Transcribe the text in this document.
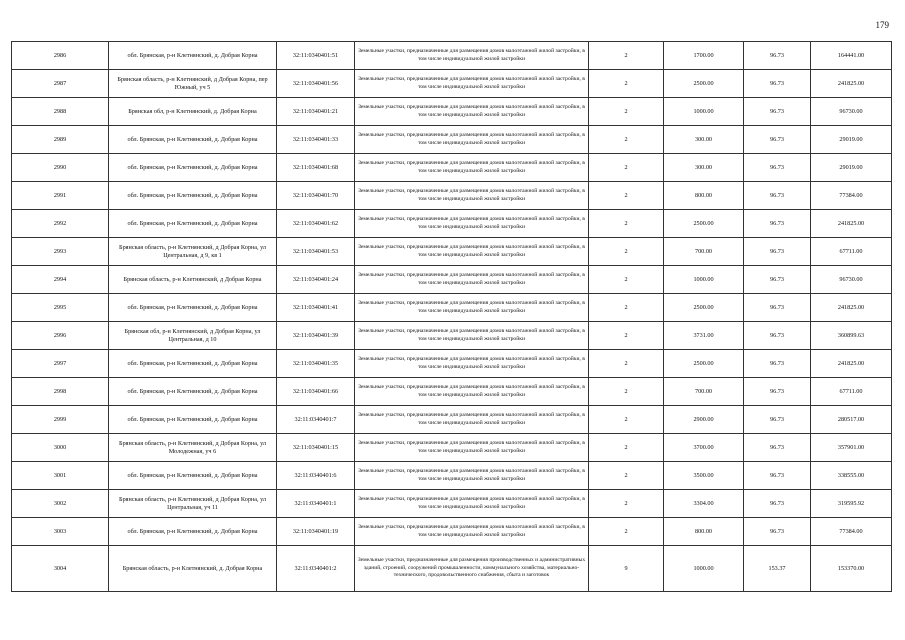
179
2986	обл. Брянская, р-н Клетнянский, д. Добрая Корна	32:11:0340401:51	Земельные участки, предназначенные для размещения домов малоэтажной жилой застройки, в том числе индивидуальной жилой застройки	2	1700.00	96.73	164441.00
2987	Брянская область, р-н Клетнянский, д Добрая Корна, пер Южный, уч 5	32:11:0340401:56	Земельные участки, предназначенные для размещения домов малоэтажной жилой застройки, в том числе индивидуальной жилой застройки	2	2500.00	96.73	241825.00
2988	Брянская обл, р-н Клетнянский, д. Добрая Корна	32:11:0340401:21	Земельные участки, предназначенные для размещения домов малоэтажной жилой застройки, в том числе индивидуальной жилой застройки	2	1000.00	96.73	96730.00
2989	обл. Брянская, р-н Клетнянский, д. Добрая Корна	32:11:0340401:33	Земельные участки, предназначенные для размещения домов малоэтажной жилой застройки, в том числе индивидуальной жилой застройки	2	300.00	96.73	29019.00
2990	обл. Брянская, р-н Клетнянский, д. Добрая Корна	32:11:0340401:68	Земельные участки, предназначенные для размещения домов малоэтажной жилой застройки, в том числе индивидуальной жилой застройки	2	300.00	96.73	29019.00
2991	обл. Брянская, р-н Клетнянский, д. Добрая Корна	32:11:0340401:70	Земельные участки, предназначенные для размещения домов малоэтажной жилой застройки, в том числе индивидуальной жилой застройки	2	800.00	96.73	77384.00
2992	обл. Брянская, р-н Клетнянский, д. Добрая Корна	32:11:0340401:62	Земельные участки, предназначенные для размещения домов малоэтажной жилой застройки, в том числе индивидуальной жилой застройки	2	2500.00	96.73	241825.00
2993	Брянская область, р-н Клетнянский, д Добрая Корна, ул Центральная, д 9, кв 1	32:11:0340401:53	Земельные участки, предназначенные для размещения домов малоэтажной жилой застройки, в том числе индивидуальной жилой застройки	2	700.00	96.73	67711.00
2994	Брянская область, р-н Клетнянский, д Добрая Корна	32:11:0340401:24	Земельные участки, предназначенные для размещения домов малоэтажной жилой застройки, в том числе индивидуальной жилой застройки	2	1000.00	96.73	96730.00
2995	обл. Брянская, р-н Клетнянский, д. Добрая Корна	32:11:0340401:41	Земельные участки, предназначенные для размещения домов малоэтажной жилой застройки, в том числе индивидуальной жилой застройки	2	2500.00	96.73	241825.00
2996	Брянская обл, р-н Клетнянский, д Добрая Корна, ул Центральная, д 10	32:11:0340401:39	Земельные участки, предназначенные для размещения домов малоэтажной жилой застройки, в том числе индивидуальной жилой застройки	2	3731.00	96.73	360899.63
2997	обл. Брянская, р-н Клетнянский, д. Добрая Корна	32:11:0340401:35	Земельные участки, предназначенные для размещения домов малоэтажной жилой застройки, в том числе индивидуальной жилой застройки	2	2500.00	96.73	241825.00
2998	обл. Брянская, р-н Клетнянский, д. Добрая Корна	32:11:0340401:66	Земельные участки, предназначенные для размещения домов малоэтажной жилой застройки, в том числе индивидуальной жилой застройки	2	700.00	96.73	67711.00
2999	обл. Брянская, р-н Клетнянский, д. Добрая Корна	32:11:0340401:7	Земельные участки, предназначенные для размещения домов малоэтажной жилой застройки, в том числе индивидуальной жилой застройки	2	2900.00	96.73	280517.00
3000	Брянская область, р-н Клетнянский, д Добрая Корна, ул Молодежная, уч 6	32:11:0340401:15	Земельные участки, предназначенные для размещения домов малоэтажной жилой застройки, в том числе индивидуальной жилой застройки	2	3700.00	96.73	357901.00
3001	обл. Брянская, р-н Клетнянский, д. Добрая Корна	32:11:0340401:6	Земельные участки, предназначенные для размещения домов малоэтажной жилой застройки, в том числе индивидуальной жилой застройки	2	3500.00	96.73	338555.00
3002	Брянская область, р-н Клетнянский, д Добрая Корна, ул Центральная, уч 11	32:11:0340401:1	Земельные участки, предназначенные для размещения домов малоэтажной жилой застройки, в том числе индивидуальной жилой застройки	2	3304.00	96.73	319595.92
3003	обл. Брянская, р-н Клетнянский, д. Добрая Корна	32:11:0340401:19	Земельные участки, предназначенные для размещения домов малоэтажной жилой застройки, в том числе индивидуальной жилой застройки	2	800.00	96.73	77384.00
3004	Брянская область, р-н Клетнянский, д. Добрая Корна	32:11:0340401:2	Земельные участки, предназначенные для размещения производственных и административных зданий, строений, сооружений промышленности, коммунального хозяйства, материально-технического, продовольственного снабжения, сбыта и заготовок	9	1000.00	153.37	153370.00
